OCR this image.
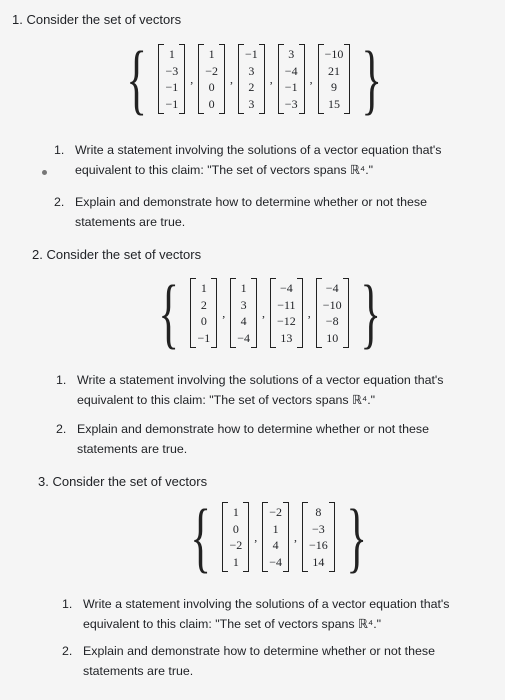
1. Consider the set of vectors
{ 1
−3
−1
−1
,
1
−2
0
0
,
−1
3
2
3
,
3
−4
−1
−3
,
−10
21
9
15 }
1. Write a statement involving the solutions of a vector equation that's
equivalent to this claim: "The set of vectors spans ℝ⁴."
2. Explain and demonstrate how to determine whether or not these
statements are true.
2. Consider the set of vectors
{ 1
2
0
−1
,
1
3
4
−4
,
−4
−11
−12
13
,
−4
−10
−8
10 }
1. Write a statement involving the solutions of a vector equation that's
equivalent to this claim: "The set of vectors spans ℝ⁴."
2. Explain and demonstrate how to determine whether or not these
statements are true.
3. Consider the set of vectors
{ 1
0
−2
1
,
−2
1
4
−4
,
8
−3
−16
14 }
1. Write a statement involving the solutions of a vector equation that's
equivalent to this claim: "The set of vectors spans ℝ⁴."
2. Explain and demonstrate how to determine whether or not these
statements are true.
